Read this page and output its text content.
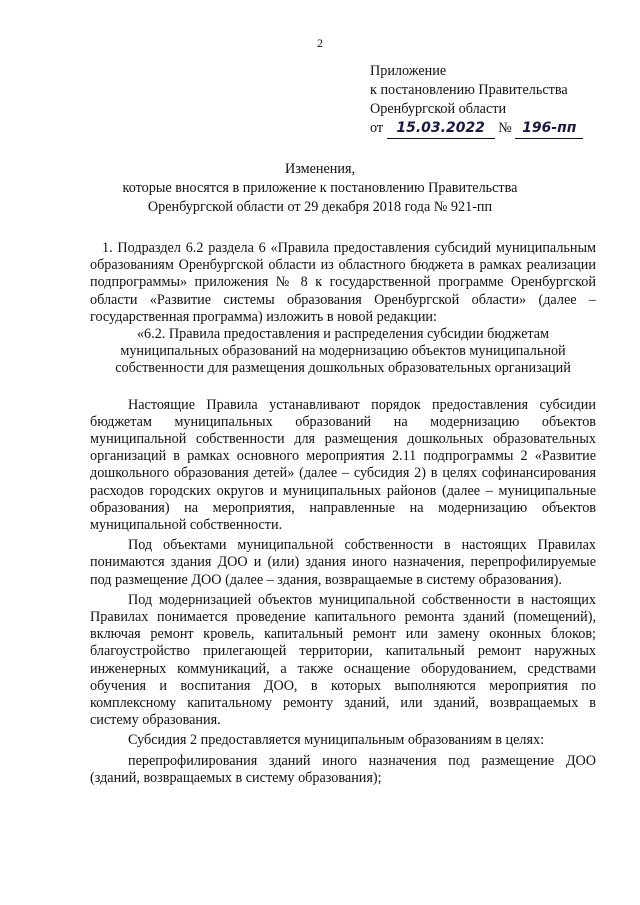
2
Приложение
к постановлению Правительства
Оренбургской области
от 15.03.2022 № 196-пп
Изменения,
которые вносятся в приложение к постановлению Правительства
Оренбургской области от 29 декабря 2018 года № 921-пп

1. Подраздел 6.2 раздела 6 «Правила предоставления субсидий муниципальным образованиям Оренбургской области из областного бюджета в рамках реализации подпрограммы» приложения № 8 к государственной программе Оренбургской области «Развитие системы образования Оренбургской области» (далее – государственная программа) изложить в новой редакции:

«6.2. Правила предоставления и распределения субсидии бюджетам муниципальных образований на модернизацию объектов муниципальной собственности для размещения дошкольных образовательных организаций

Настоящие Правила устанавливают порядок предоставления субсидии бюджетам муниципальных образований на модернизацию объектов муниципальной собственности для размещения дошкольных образовательных организаций в рамках основного мероприятия 2.11 подпрограммы 2 «Развитие дошкольного образования детей» (далее – субсидия 2) в целях софинансирования расходов городских округов и муниципальных районов (далее – муниципальные образования) на мероприятия, направленные на модернизацию объектов муниципальной собственности.

Под объектами муниципальной собственности в настоящих Правилах понимаются здания ДОО и (или) здания иного назначения, перепрофилируемые под размещение ДОО (далее – здания, возвращаемые в систему образования).

Под модернизацией объектов муниципальной собственности в настоящих Правилах понимается проведение капитального ремонта зданий (помещений), включая ремонт кровель, капитальный ремонт или замену оконных блоков; благоустройство прилегающей территории, капитальный ремонт наружных инженерных коммуникаций, а также оснащение оборудованием, средствами обучения и воспитания ДОО, в которых выполняются мероприятия по комплексному капитальному ремонту зданий, или зданий, возвращаемых в систему образования.

Субсидия 2 предоставляется муниципальным образованиям в целях:

перепрофилирования зданий иного назначения под размещение ДОО (зданий, возвращаемых в систему образования);
